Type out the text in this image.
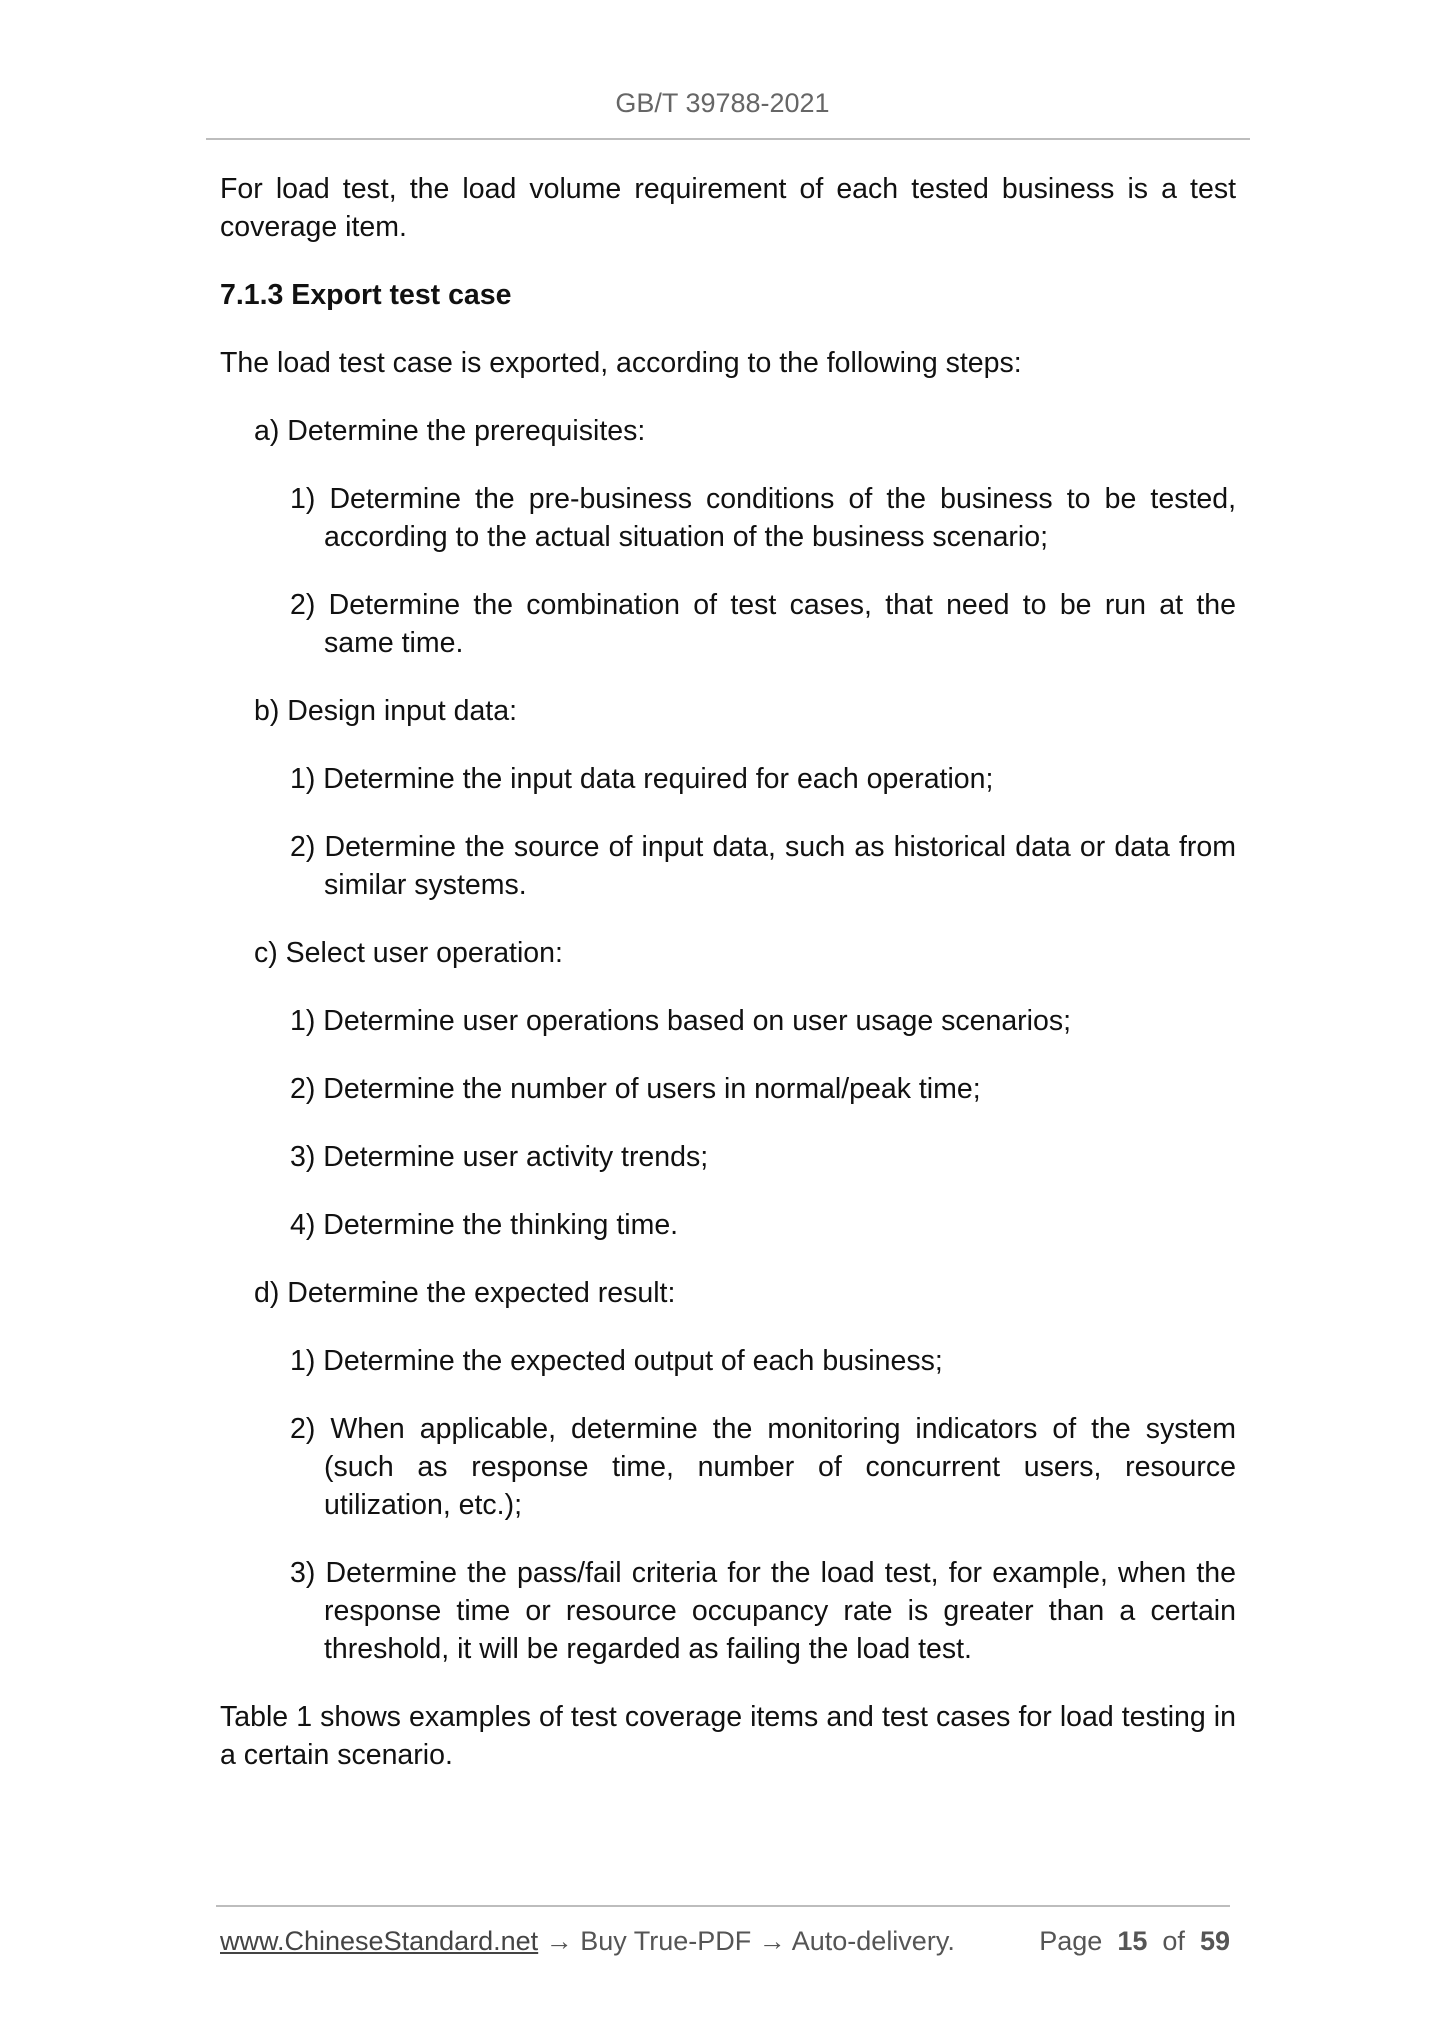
GB/T 39788-2021

For load test, the load volume requirement of each tested business is a test coverage item.

7.1.3 Export test case

The load test case is exported, according to the following steps:

a) Determine the prerequisites:
1) Determine the pre-business conditions of the business to be tested, according to the actual situation of the business scenario;
2) Determine the combination of test cases, that need to be run at the same time.
b) Design input data:
1) Determine the input data required for each operation;
2) Determine the source of input data, such as historical data or data from similar systems.
c) Select user operation:
1) Determine user operations based on user usage scenarios;
2) Determine the number of users in normal/peak time;
3) Determine user activity trends;
4) Determine the thinking time.
d) Determine the expected result:
1) Determine the expected output of each business;
2) When applicable, determine the monitoring indicators of the system (such as response time, number of concurrent users, resource utilization, etc.);
3) Determine the pass/fail criteria for the load test, for example, when the response time or resource occupancy rate is greater than a certain threshold, it will be regarded as failing the load test.

Table 1 shows examples of test coverage items and test cases for load testing in a certain scenario.

www.ChineseStandard.net → Buy True-PDF → Auto-delivery.	Page 15 of 59
